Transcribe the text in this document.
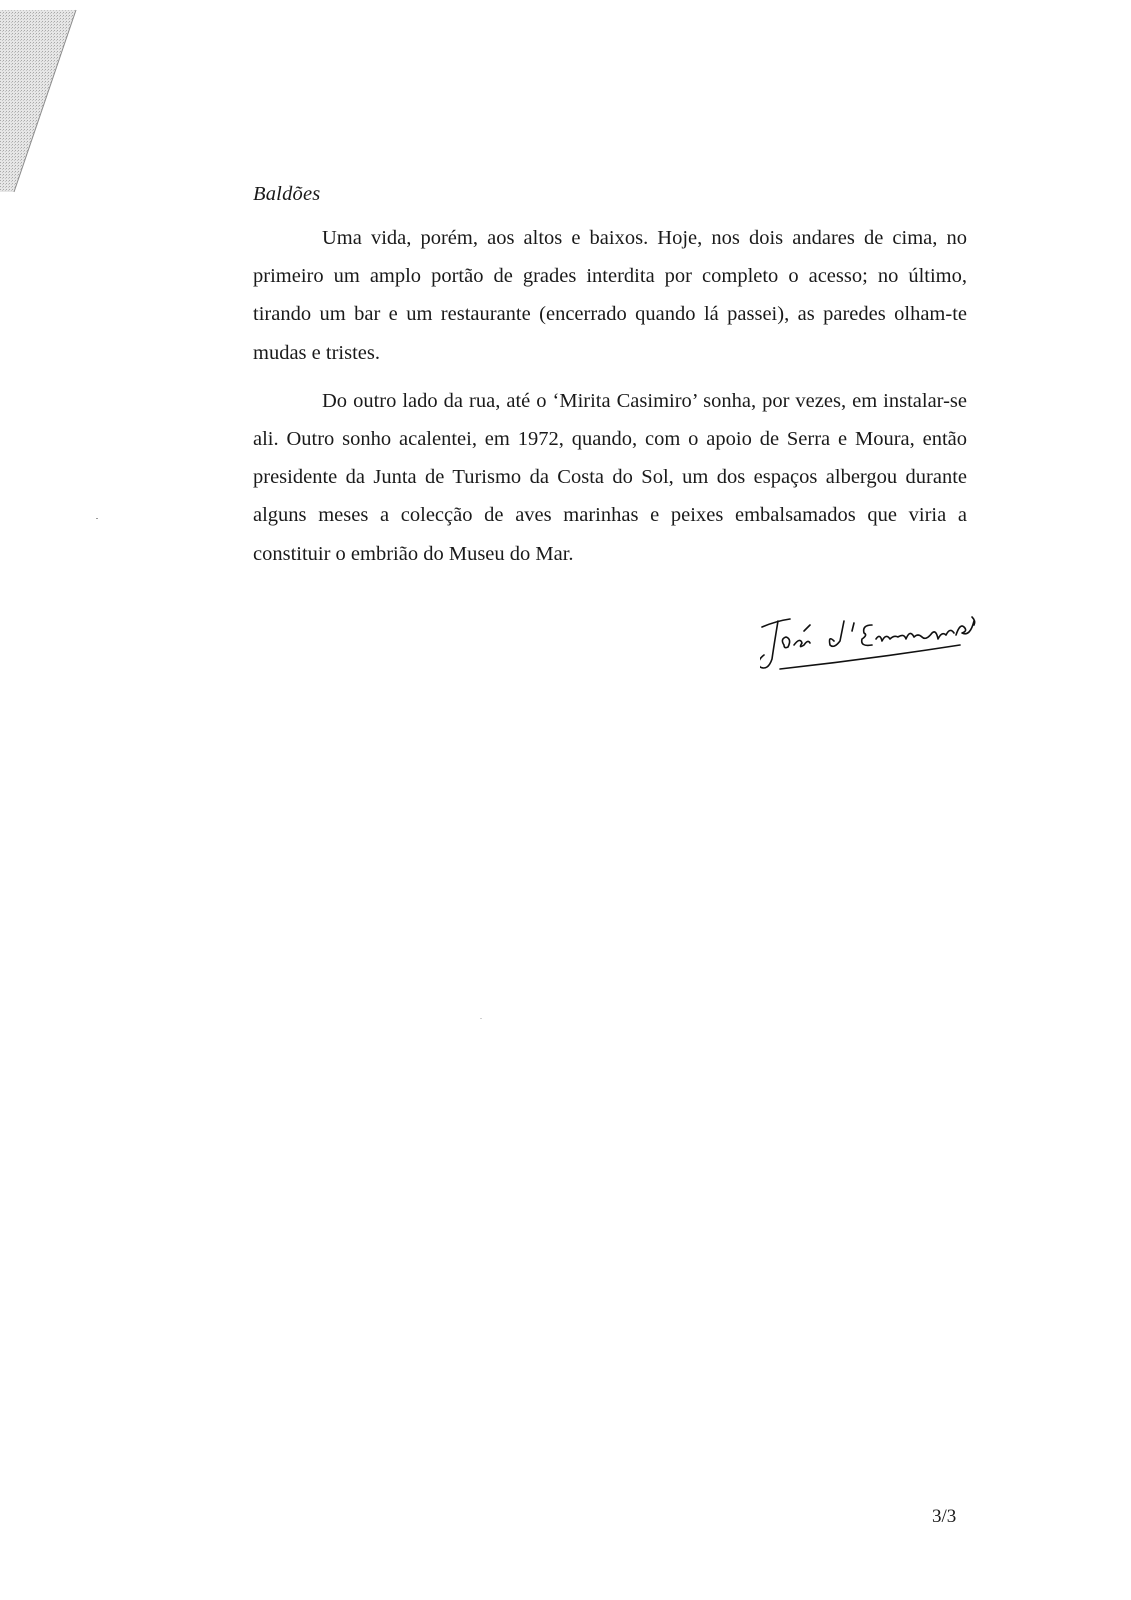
Baldões

Uma vida, porém, aos altos e baixos. Hoje, nos dois andares de cima, no primeiro um amplo portão de grades interdita por completo o acesso; no último, tirando um bar e um restaurante (encerrado quando lá passei), as paredes olham-te mudas e tristes.

Do outro lado da rua, até o ‘Mirita Casimiro’ sonha, por vezes, em instalar-se ali. Outro sonho acalentei, em 1972, quando, com o apoio de Serra e Moura, então presidente da Junta de Turismo da Costa do Sol, um dos espaços albergou durante alguns meses a colecção de aves marinhas e peixes embalsamados que viria a constituir o embrião do Museu do Mar.

3/3
